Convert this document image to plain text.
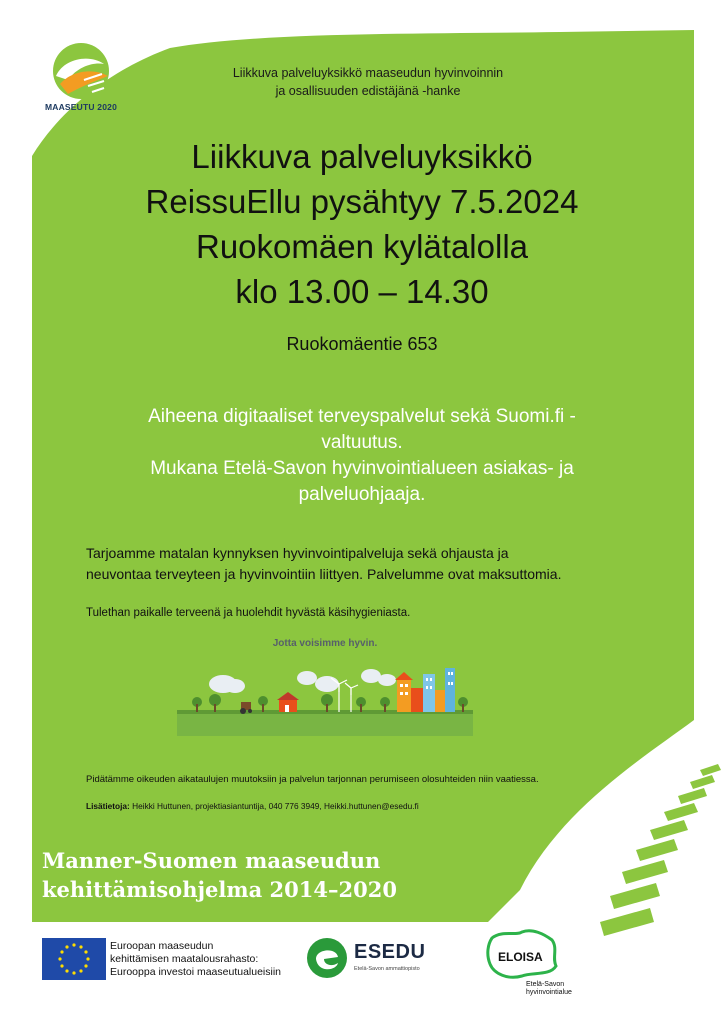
MAASEUTU 2020
Liikkuva palveluyksikkö maaseudun hyvinvoinnin
ja osallisuuden edistäjänä -hanke
Liikkuva palveluyksikkö
ReissuEllu pysähtyy 7.5.2024
Ruokomäen kylätalolla
klo 13.00 – 14.30
Ruokomäentie 653
Aiheena digitaaliset terveyspalvelut sekä Suomi.fi -
valtuutus.
Mukana Etelä-Savon hyvinvointialueen asiakas- ja
palveluohjaaja.
Tarjoamme matalan kynnyksen hyvinvointipalveluja sekä ohjausta ja
neuvontaa terveyteen ja hyvinvointiin liittyen. Palvelumme ovat maksuttomia.
Tulethan paikalle terveenä ja huolehdit hyvästä käsihygieniasta.
Jotta voisimme hyvin.
Pidätämme oikeuden aikataulujen muutoksiin ja palvelun tarjonnan perumiseen olosuhteiden niin vaatiessa.
Lisätietoja: Heikki Huttunen, projektiasiantuntija, 040 776 3949, Heikki.huttunen@esedu.fi
Manner-Suomen maaseudun
kehittämisohjelma 2014–2020
Euroopan maaseudun
kehittämisen maatalousrahasto:
Eurooppa investoi maaseutualueisiin
ESEDU
Etelä-Savon ammattiopisto
ELOISA
Etelä-Savon
hyvinvointialue
